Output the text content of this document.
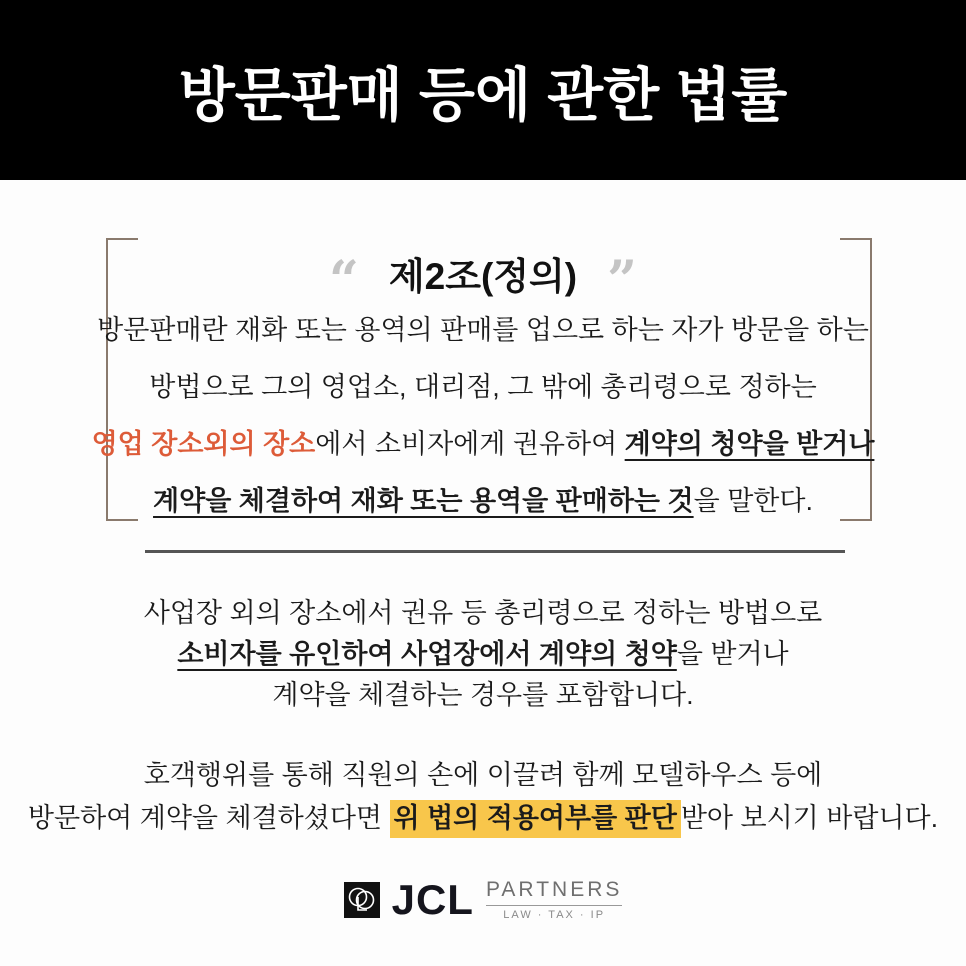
방문판매 등에 관한 법률
“ 제2조(정의) ”

방문판매란 재화 또는 용역의 판매를 업으로 하는 자가 방문을 하는

방법으로 그의 영업소, 대리점, 그 밖에 총리령으로 정하는

영업 장소외의 장소에서 소비자에게 권유하여 계약의 청약을 받거나

계약을 체결하여 재화 또는 용역을 판매하는 것을 말한다.

사업장 외의 장소에서 권유 등 총리령으로 정하는 방법으로

소비자를 유인하여 사업장에서 계약의 청약을 받거나

계약을 체결하는 경우를 포함합니다.

호객행위를 통해 직원의 손에 이끌려 함께 모델하우스 등에

방문하여 계약을 체결하셨다면 위 법의 적용여부를 판단 받아 보시기 바랍니다.

JCL PARTNERS
LAW · TAX · IP
